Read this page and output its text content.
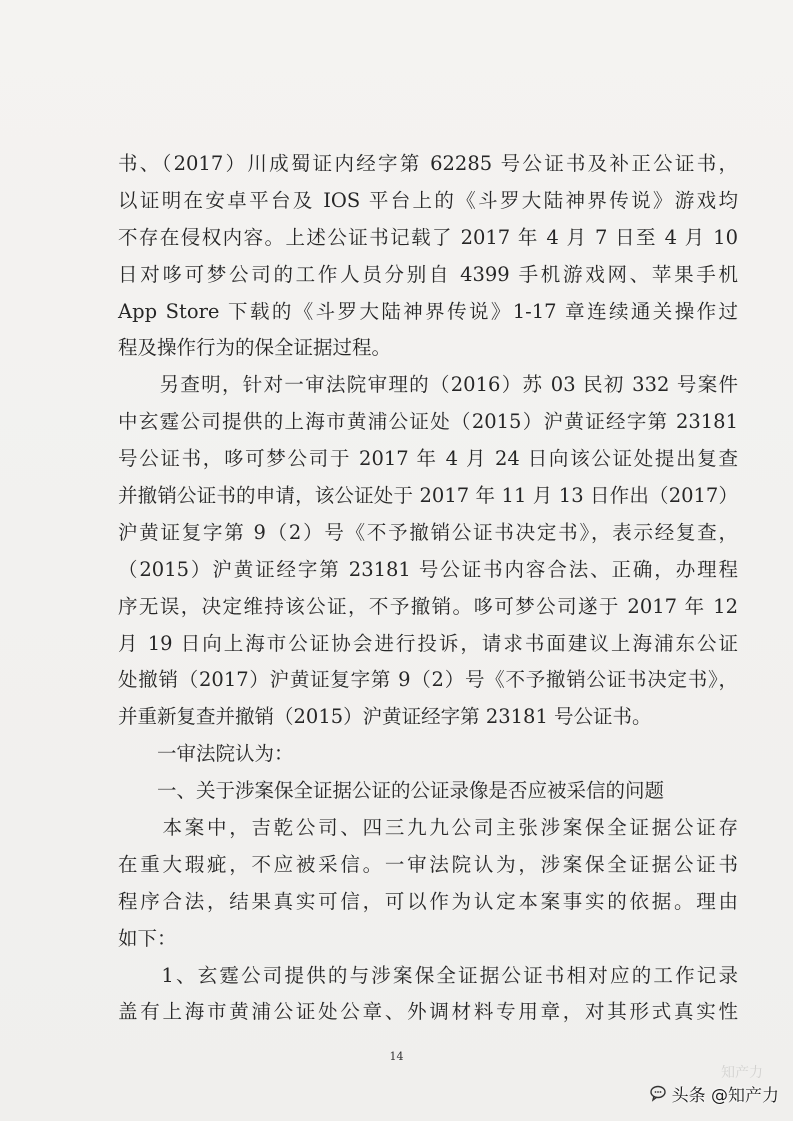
书、（2017）川成蜀证内经字第 62285 号公证书及补正公证书，
以证明在安卓平台及 IOS 平台上的《斗罗大陆神界传说》游戏均
不存在侵权内容。上述公证书记载了 2017 年 4 月 7 日至 4 月 10
日对哆可梦公司的工作人员分别自 4399 手机游戏网、苹果手机
App Store 下载的《斗罗大陆神界传说》1-17 章连续通关操作过
程及操作行为的保全证据过程。
　　另查明，针对一审法院审理的（2016）苏 03 民初 332 号案件
中玄霆公司提供的上海市黄浦公证处（2015）沪黄证经字第 23181
号公证书，哆可梦公司于 2017 年 4 月 24 日向该公证处提出复查
并撤销公证书的申请，该公证处于 2017 年 11 月 13 日作出（2017）
沪黄证复字第 9（2）号《不予撤销公证书决定书》，表示经复查，
（2015）沪黄证经字第 23181 号公证书内容合法、正确，办理程
序无误，决定维持该公证，不予撤销。哆可梦公司遂于 2017 年 12
月 19 日向上海市公证协会进行投诉，请求书面建议上海浦东公证
处撤销（2017）沪黄证复字第 9（2）号《不予撤销公证书决定书》，
并重新复查并撤销（2015）沪黄证经字第 23181 号公证书。
　　一审法院认为：
　　一、关于涉案保全证据公证的公证录像是否应被采信的问题
　　本案中，吉乾公司、四三九九公司主张涉案保全证据公证存
在重大瑕疵，不应被采信。一审法院认为，涉案保全证据公证书
程序合法，结果真实可信，可以作为认定本案事实的依据。理由
如下：
　　1、玄霆公司提供的与涉案保全证据公证书相对应的工作记录
盖有上海市黄浦公证处公章、外调材料专用章，对其形式真实性
14
知产力
头条 @知产力
